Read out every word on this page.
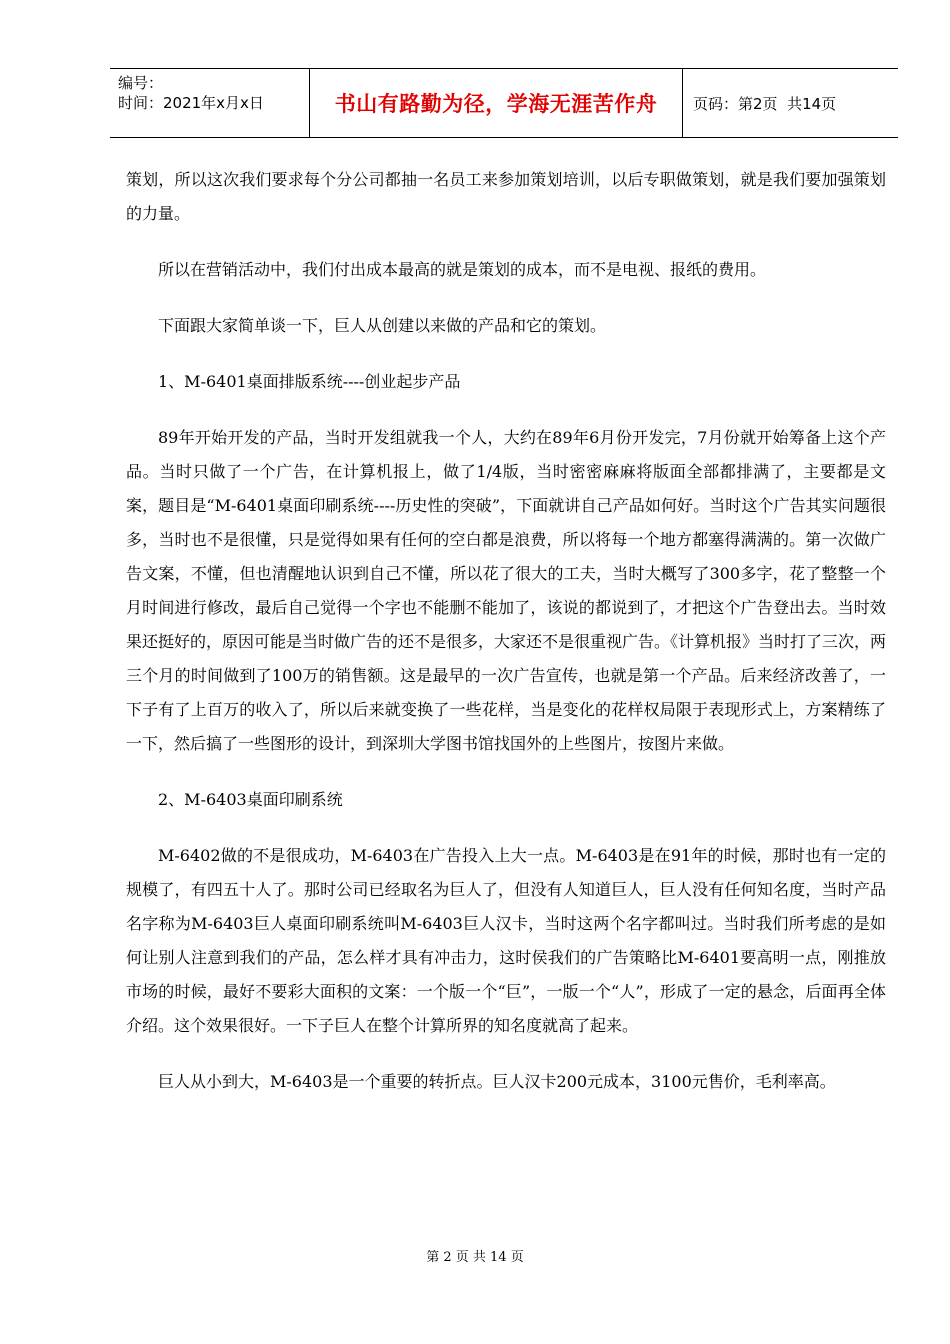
编号：
时间：2021年x月x日	书山有路勤为径，学海无涯苦作舟	页码：第2页  共14页

策划，所以这次我们要求每个分公司都抽一名员工来参加策划培训，以后专职做策划，就是我们要加强策划的力量。

所以在营销活动中，我们付出成本最高的就是策划的成本，而不是电视、报纸的费用。

下面跟大家简单谈一下，巨人从创建以来做的产品和它的策划。

1、M-6401桌面排版系统----创业起步产品

89年开始开发的产品，当时开发组就我一个人，大约在89年6月份开发完，7月份就开始筹备上这个产品。当时只做了一个广告，在计算机报上，做了1/4版，当时密密麻麻将版面全部都排满了，主要都是文案，题目是“M-6401桌面印刷系统----历史性的突破”，下面就讲自己产品如何好。当时这个广告其实问题很多，当时也不是很懂，只是觉得如果有任何的空白都是浪费，所以将每一个地方都塞得满满的。第一次做广告文案，不懂，但也清醒地认识到自己不懂，所以花了很大的工夫，当时大概写了300多字，花了整整一个月时间进行修改，最后自己觉得一个字也不能删不能加了，该说的都说到了，才把这个广告登出去。当时效果还挺好的，原因可能是当时做广告的还不是很多，大家还不是很重视广告。《计算机报》当时打了三次，两三个月的时间做到了100万的销售额。这是最早的一次广告宣传，也就是第一个产品。后来经济改善了，一下子有了上百万的收入了，所以后来就变换了一些花样，当是变化的花样权局限于表现形式上，方案精练了一下，然后搞了一些图形的设计，到深圳大学图书馆找国外的上些图片，按图片来做。

2、M-6403桌面印刷系统

M-6402做的不是很成功，M-6403在广告投入上大一点。M-6403是在91年的时候，那时也有一定的规模了，有四五十人了。那时公司已经取名为巨人了，但没有人知道巨人，巨人没有任何知名度，当时产品名字称为M-6403巨人桌面印刷系统叫M-6403巨人汉卡，当时这两个名字都叫过。当时我们所考虑的是如何让别人注意到我们的产品，怎么样才具有冲击力，这时侯我们的广告策略比M-6401要高明一点，刚推放市场的时候，最好不要彩大面积的文案：一个版一个“巨”，一版一个“人”，形成了一定的悬念，后面再全体介绍。这个效果很好。一下子巨人在整个计算所界的知名度就高了起来。

巨人从小到大，M-6403是一个重要的转折点。巨人汉卡200元成本，3100元售价，毛利率高。

第 2 页 共 14 页
